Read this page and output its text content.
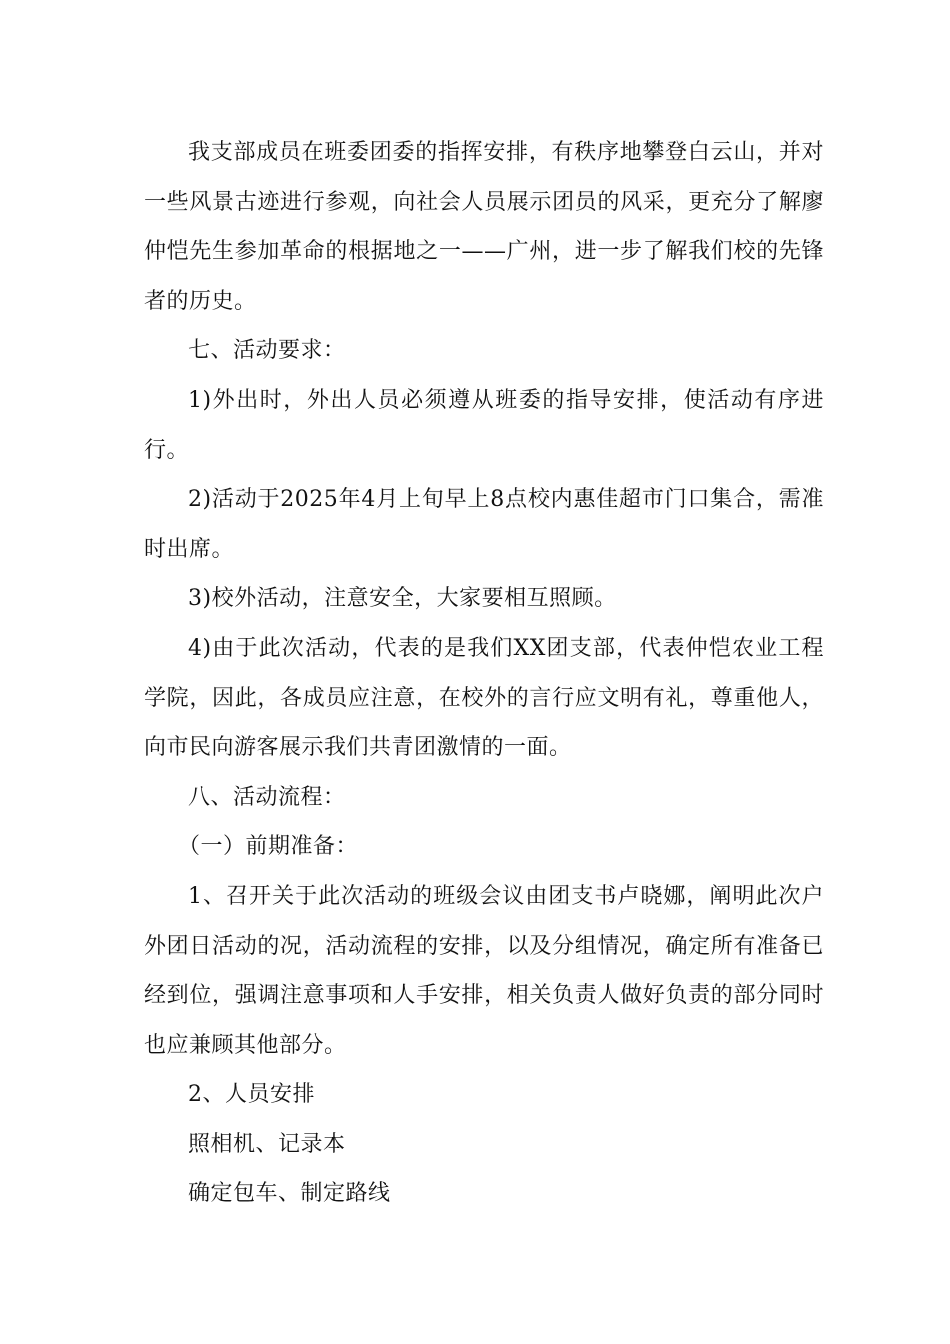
我支部成员在班委团委的指挥安排，有秩序地攀登白云山，并对一些风景古迹进行参观，向社会人员展示团员的风采，更充分了解廖仲恺先生参加革命的根据地之一——广州，进一步了解我们校的先锋者的历史。

七、活动要求：

1)外出时，外出人员必须遵从班委的指导安排，使活动有序进行。

2)活动于2025年4月上旬早上8点校内惠佳超市门口集合，需准时出席。

3)校外活动，注意安全，大家要相互照顾。

4)由于此次活动，代表的是我们XX团支部，代表仲恺农业工程学院，因此，各成员应注意，在校外的言行应文明有礼，尊重他人，向市民向游客展示我们共青团激情的一面。

八、活动流程：

（一）前期准备：

1、召开关于此次活动的班级会议由团支书卢晓娜，阐明此次户外团日活动的况，活动流程的安排，以及分组情况，确定所有准备已经到位，强调注意事项和人手安排，相关负责人做好负责的部分同时也应兼顾其他部分。

2、人员安排

照相机、记录本

确定包车、制定路线
